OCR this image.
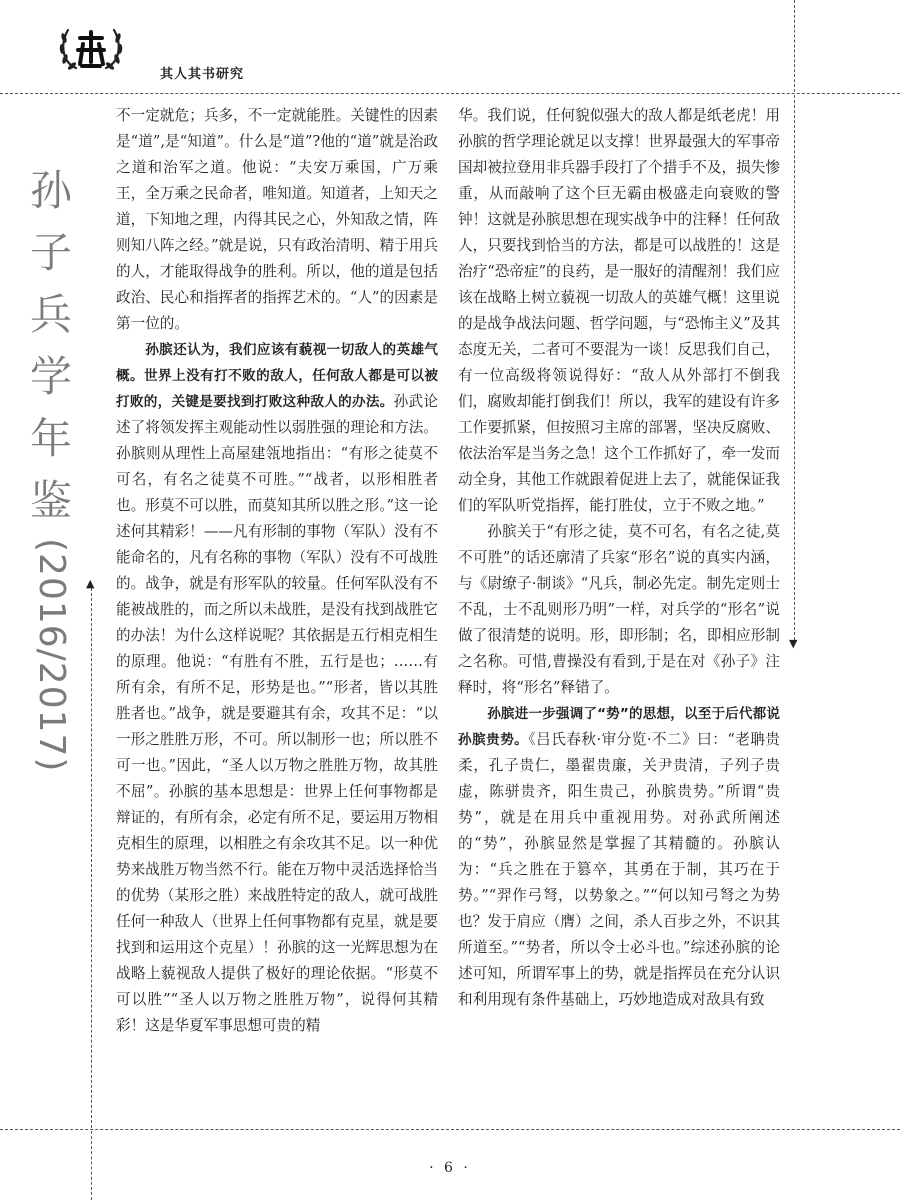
▼
▲
其人其书研究
孙子兵学年鉴
(2016/2017)

不一定就危；兵多，不一定就能胜。关键性的因素是“道”,是“知道”。什么是“道”?他的“道”就是治政之道和治军之道。他说：“夫安万乘国，广万乘王，全万乘之民命者，唯知道。知道者，上知天之道，下知地之理，内得其民之心，外知敌之情，阵则知八阵之经。”就是说，只有政治清明、精于用兵的人，才能取得战争的胜利。所以，他的道是包括政治、民心和指挥者的指挥艺术的。“人”的因素是第一位的。

孙膑还认为，我们应该有藐视一切敌人的英雄气概。世界上没有打不败的敌人，任何敌人都是可以被打败的，关键是要找到打败这种敌人的办法。孙武论述了将领发挥主观能动性以弱胜强的理论和方法。孙膑则从理性上高屋建瓴地指出：“有形之徒莫不可名，有名之徒莫不可胜。”“战者，以形相胜者也。形莫不可以胜，而莫知其所以胜之形。”这一论述何其精彩！——凡有形制的事物（军队）没有不能命名的，凡有名称的事物（军队）没有不可战胜的。战争，就是有形军队的较量。任何军队没有不能被战胜的，而之所以未战胜，是没有找到战胜它的办法！为什么这样说呢？其依据是五行相克相生的原理。他说：“有胜有不胜，五行是也；……有所有余，有所不足，形势是也。”“形者，皆以其胜胜者也。”战争，就是要避其有余，攻其不足：“以一形之胜胜万形，不可。所以制形一也；所以胜不可一也。”因此，“圣人以万物之胜胜万物，故其胜不屈”。孙膑的基本思想是：世界上任何事物都是辩证的，有所有余，必定有所不足，要运用万物相克相生的原理，以相胜之有余攻其不足。以一种优势来战胜万物当然不行。能在万物中灵活选择恰当的优势（某形之胜）来战胜特定的敌人，就可战胜任何一种敌人（世界上任何事物都有克星，就是要找到和运用这个克星）！孙膑的这一光辉思想为在战略上藐视敌人提供了极好的理论依据。“形莫不可以胜”“圣人以万物之胜胜万物”，说得何其精彩！这是华夏军事思想可贵的精

华。我们说，任何貌似强大的敌人都是纸老虎！用孙膑的哲学理论就足以支撑！世界最强大的军事帝国却被拉登用非兵器手段打了个措手不及，损失惨重，从而敲响了这个巨无霸由极盛走向衰败的警钟！这就是孙膑思想在现实战争中的注释！任何敌人，只要找到恰当的方法，都是可以战胜的！这是治疗“恐帝症”的良药，是一服好的清醒剂！我们应该在战略上树立藐视一切敌人的英雄气概！这里说的是战争战法问题、哲学问题，与“恐怖主义”及其态度无关，二者可不要混为一谈！反思我们自己，有一位高级将领说得好：“敌人从外部打不倒我们，腐败却能打倒我们！所以，我军的建设有许多工作要抓紧，但按照习主席的部署，坚决反腐败、依法治军是当务之急！这个工作抓好了，牵一发而动全身，其他工作就跟着促进上去了，就能保证我们的军队听党指挥，能打胜仗，立于不败之地。”

孙膑关于“有形之徒，莫不可名，有名之徒,莫不可胜”的话还廓清了兵家“形名”说的真实内涵，与《尉缭子·制谈》“凡兵，制必先定。制先定则士不乱，士不乱则形乃明”一样，对兵学的“形名”说做了很清楚的说明。形，即形制；名，即相应形制之名称。可惜,曹操没有看到,于是在对《孙子》注释时，将“形名”释错了。

孙膑进一步强调了“势”的思想，以至于后代都说孙膑贵势。《吕氏春秋·审分览·不二》曰：“老聃贵柔，孔子贵仁，墨翟贵廉，关尹贵清，子列子贵虚，陈骈贵齐，阳生贵己，孙膑贵势。”所谓“贵势”，就是在用兵中重视用势。对孙武所阐述的“势”，孙膑显然是掌握了其精髓的。孙膑认为：“兵之胜在于篡卒，其勇在于制，其巧在于势。”“羿作弓弩，以势象之。”“何以知弓弩之为势也？发于肩应（膺）之间，杀人百步之外，不识其所道至。”“势者，所以令士必斗也。”综述孙膑的论述可知，所谓军事上的势，就是指挥员在充分认识和利用现有条件基础上，巧妙地造成对敌具有致

· 6 ·
